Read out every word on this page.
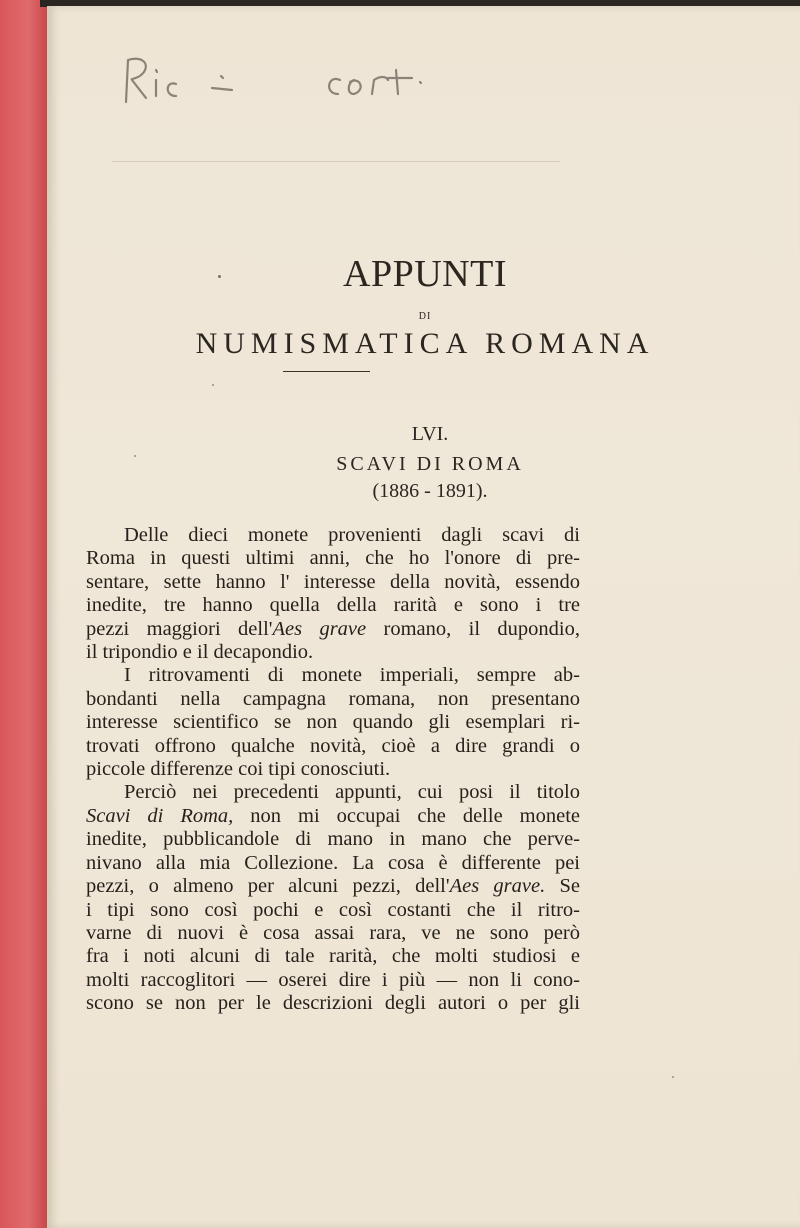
APPUNTI
DI
NUMISMATICA ROMANA
LVI.
SCAVI DI ROMA
(1886 - 1891).
Delle dieci monete provenienti dagli scavi di
Roma in questi ultimi anni, che ho l'onore di pre-
sentare, sette hanno l' interesse della novità, essendo
inedite, tre hanno quella della rarità e sono i tre
pezzi maggiori dell'Aes grave romano, il dupondio,
il tripondio e il decapondio.
I ritrovamenti di monete imperiali, sempre ab-
bondanti nella campagna romana, non presentano
interesse scientifico se non quando gli esemplari ri-
trovati offrono qualche novità, cioè a dire grandi o
piccole differenze coi tipi conosciuti.
Perciò nei precedenti appunti, cui posi il titolo
Scavi di Roma, non mi occupai che delle monete
inedite, pubblicandole di mano in mano che perve-
nivano alla mia Collezione. La cosa è differente pei
pezzi, o almeno per alcuni pezzi, dell'Aes grave. Se
i tipi sono così pochi e così costanti che il ritro-
varne di nuovi è cosa assai rara, ve ne sono però
fra i noti alcuni di tale rarità, che molti studiosi e
molti raccoglitori — oserei dire i più — non li cono-
scono se non per le descrizioni degli autori o per gli
